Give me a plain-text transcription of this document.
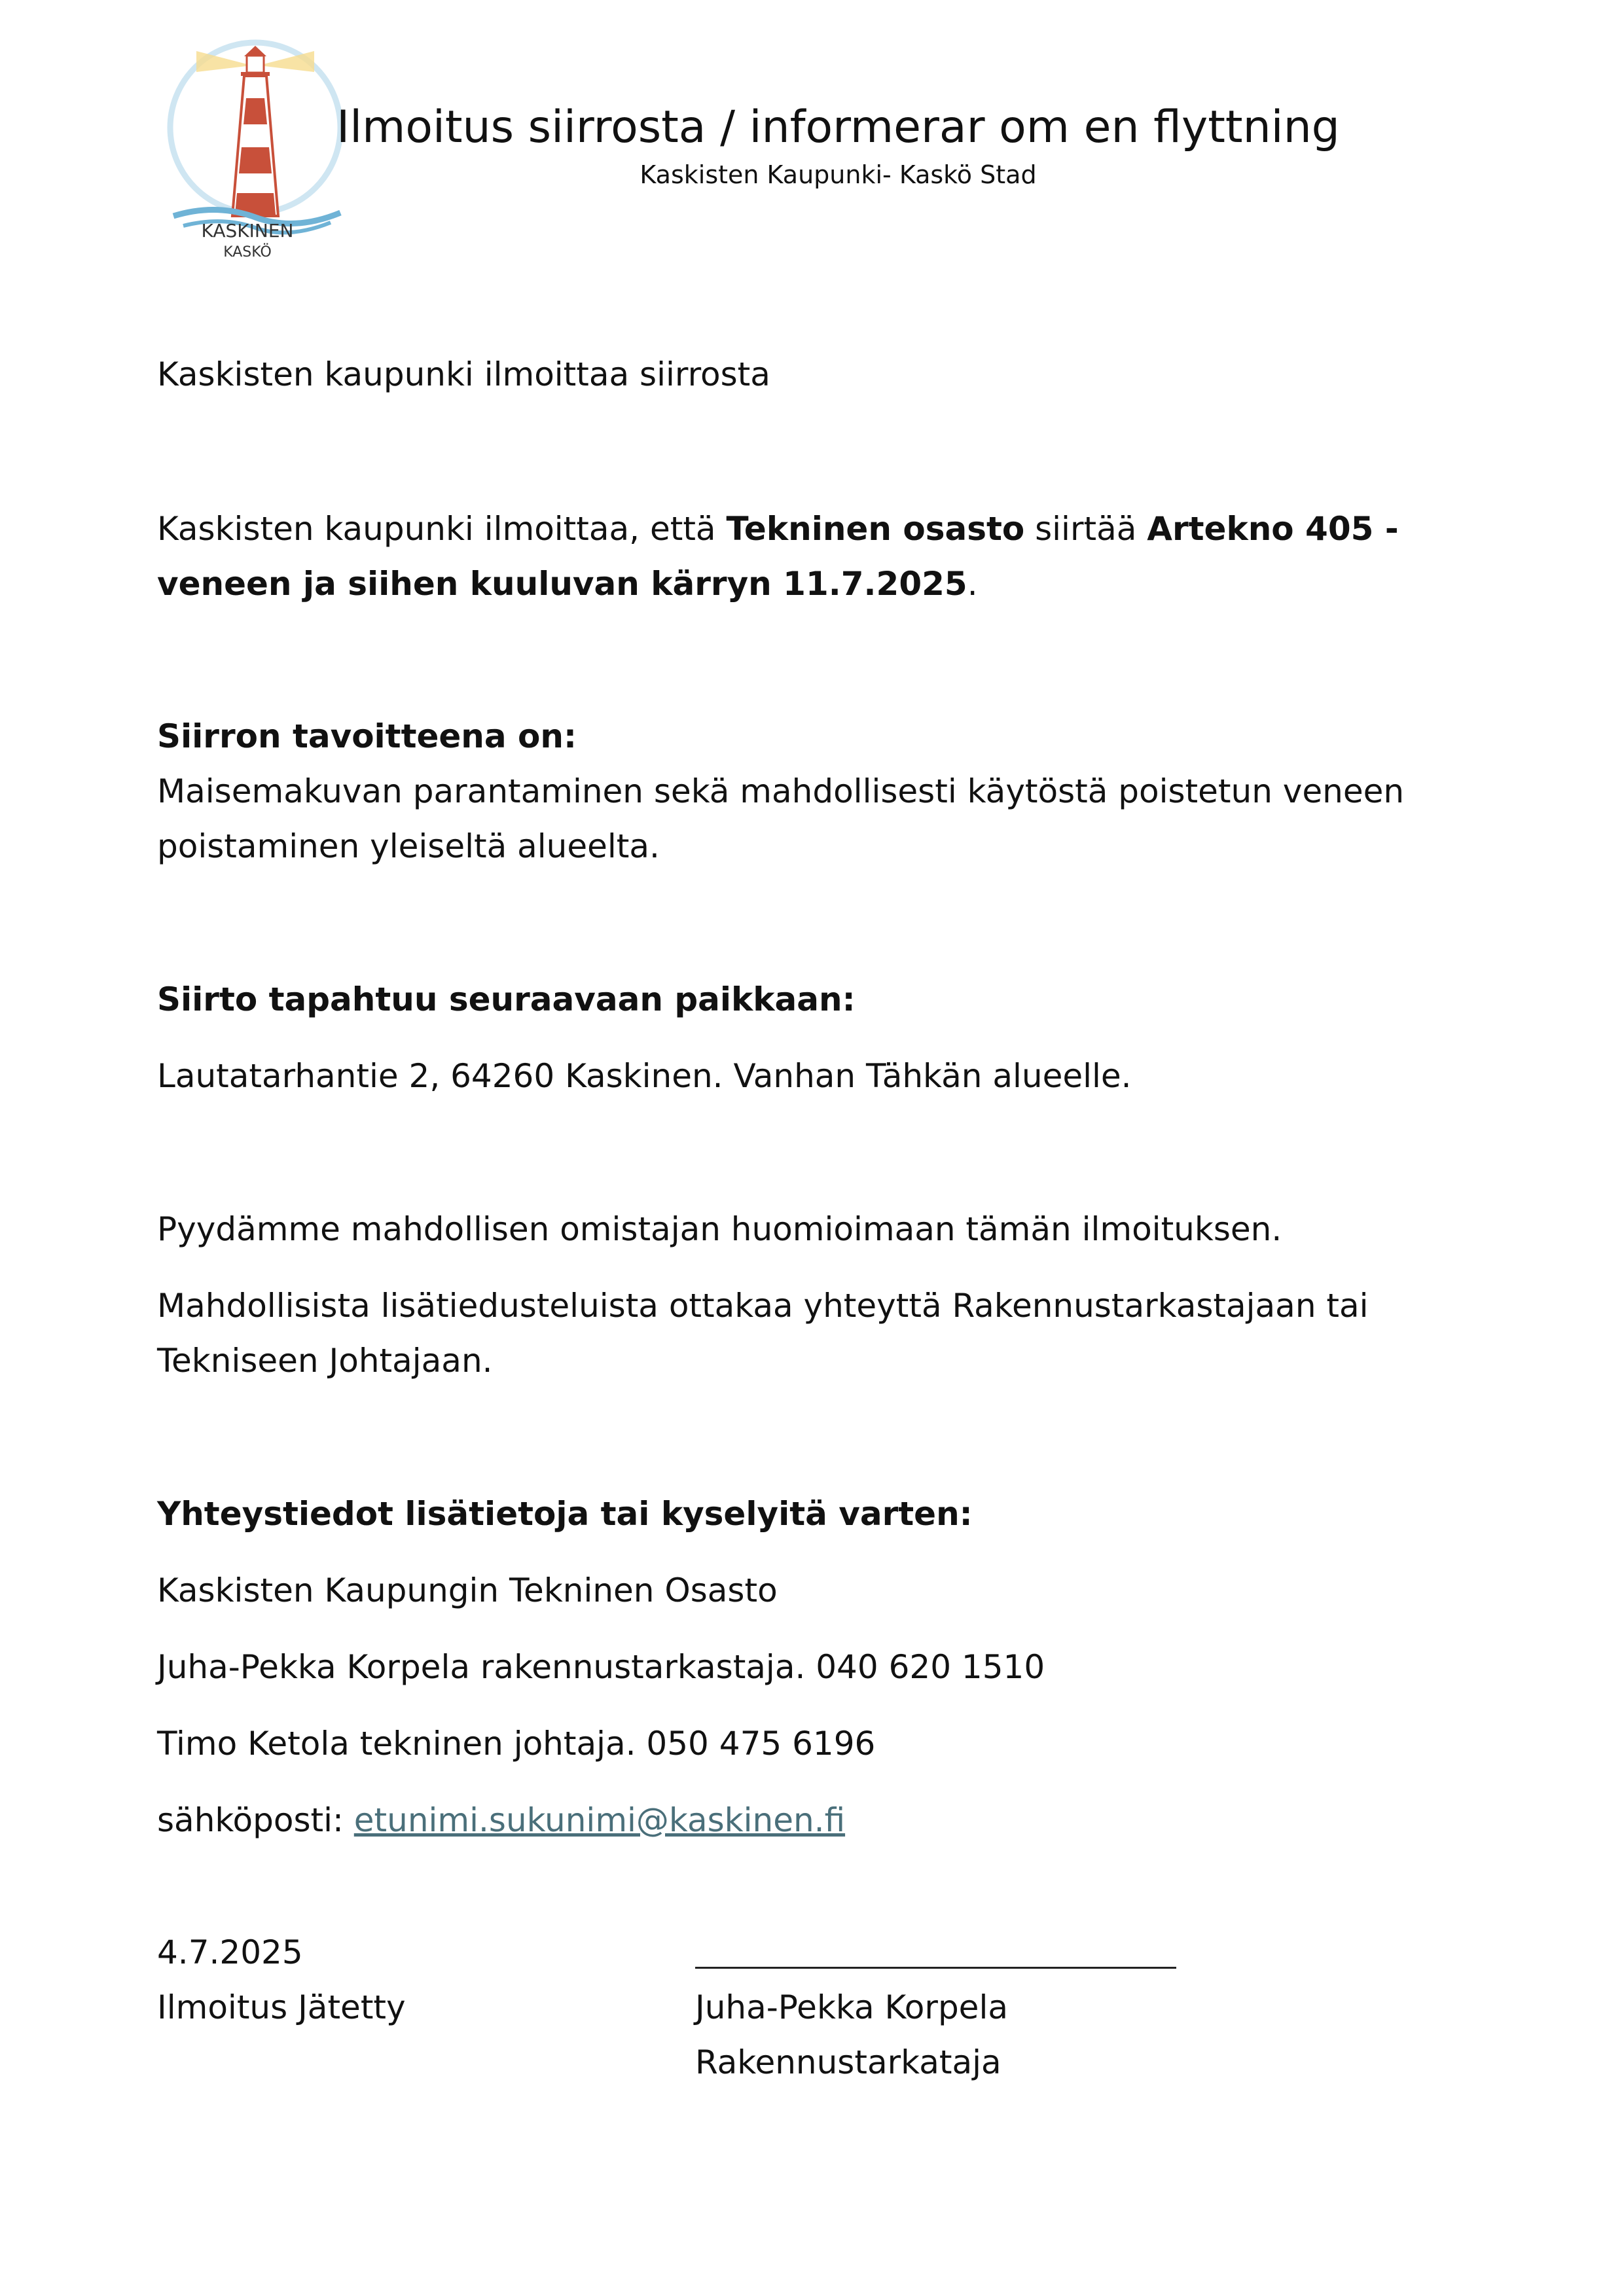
KASKINEN
KASKÖ
Ilmoitus siirrosta / informerar om en flyttning
Kaskisten Kaupunki- Kaskö Stad

Kaskisten kaupunki ilmoittaa siirrosta

Kaskisten kaupunki ilmoittaa, että Tekninen osasto siirtää Artekno 405 -
veneen ja siihen kuuluvan kärryn 11.7.2025.

Siirron tavoitteena on:

Maisemakuvan parantaminen sekä mahdollisesti käytöstä poistetun veneen

poistaminen yleiseltä alueelta.

Siirto tapahtuu seuraavaan paikkaan:

Lautatarhantie 2, 64260 Kaskinen. Vanhan Tähkän alueelle.

Pyydämme mahdollisen omistajan huomioimaan tämän ilmoituksen.

Mahdollisista lisätiedusteluista ottakaa yhteyttä Rakennustarkastajaan tai

Tekniseen Johtajaan.

Yhteystiedot lisätietoja tai kyselyitä varten:

Kaskisten Kaupungin Tekninen Osasto

Juha-Pekka Korpela rakennustarkastaja. 040 620 1510

Timo Ketola tekninen johtaja. 050 475 6196

sähköposti: etunimi.sukunimi@kaskinen.fi

4.7.2025

Ilmoitus Jätetty	Juha-Pekka Korpela

Rakennustarkataja
